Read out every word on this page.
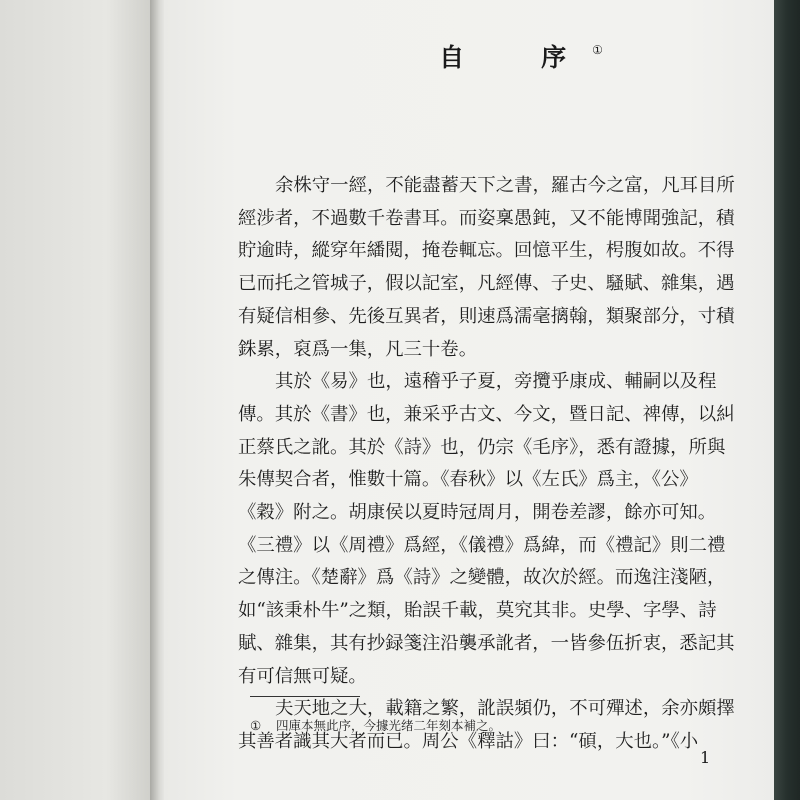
自　序①

余株守一經，不能盡蓄天下之書，羅古今之富，凡耳目所
經涉者，不過數千卷書耳。而姿稟愚鈍，又不能博聞強記，積
貯逾時，縱穿年繙閱，掩卷輒忘。回憶平生，枵腹如故。不得
已而托之管城子，假以記室，凡經傳、子史、騷賦、雜集，遇
有疑信相參、先後互異者，則速爲濡毫摛翰，類聚部分，寸積
銖累，裒爲一集，凡三十卷。

其於《易》也，遠稽乎子夏，旁攬乎康成、輔嗣以及程
傳。其於《書》也，兼采乎古文、今文，暨日記、禆傳，以糾
正蔡氏之訛。其於《詩》也，仍宗《毛序》，悉有證據，所與
朱傳契合者，惟數十篇。《春秋》以《左氏》爲主，《公》
《穀》附之。胡康侯以夏時冠周月，開卷差謬，餘亦可知。
《三禮》以《周禮》爲經，《儀禮》爲緯，而《禮記》則二禮
之傳注。《楚辭》爲《詩》之變體，故次於經。而逸注淺陋，
如“該秉朴牛”之類，貽誤千載，莫究其非。史學、字學、詩
賦、雜集，其有抄録箋注沿襲承訛者，一皆參伍折衷，悉記其
有可信無可疑。

夫天地之大，載籍之繁，訛誤頻仍，不可殫述，余亦頗擇
其善者識其大者而已。周公《釋詁》曰：“碩，大也。”《小

① 四庫本無此序，今據光绪二年刻本補之。
1
